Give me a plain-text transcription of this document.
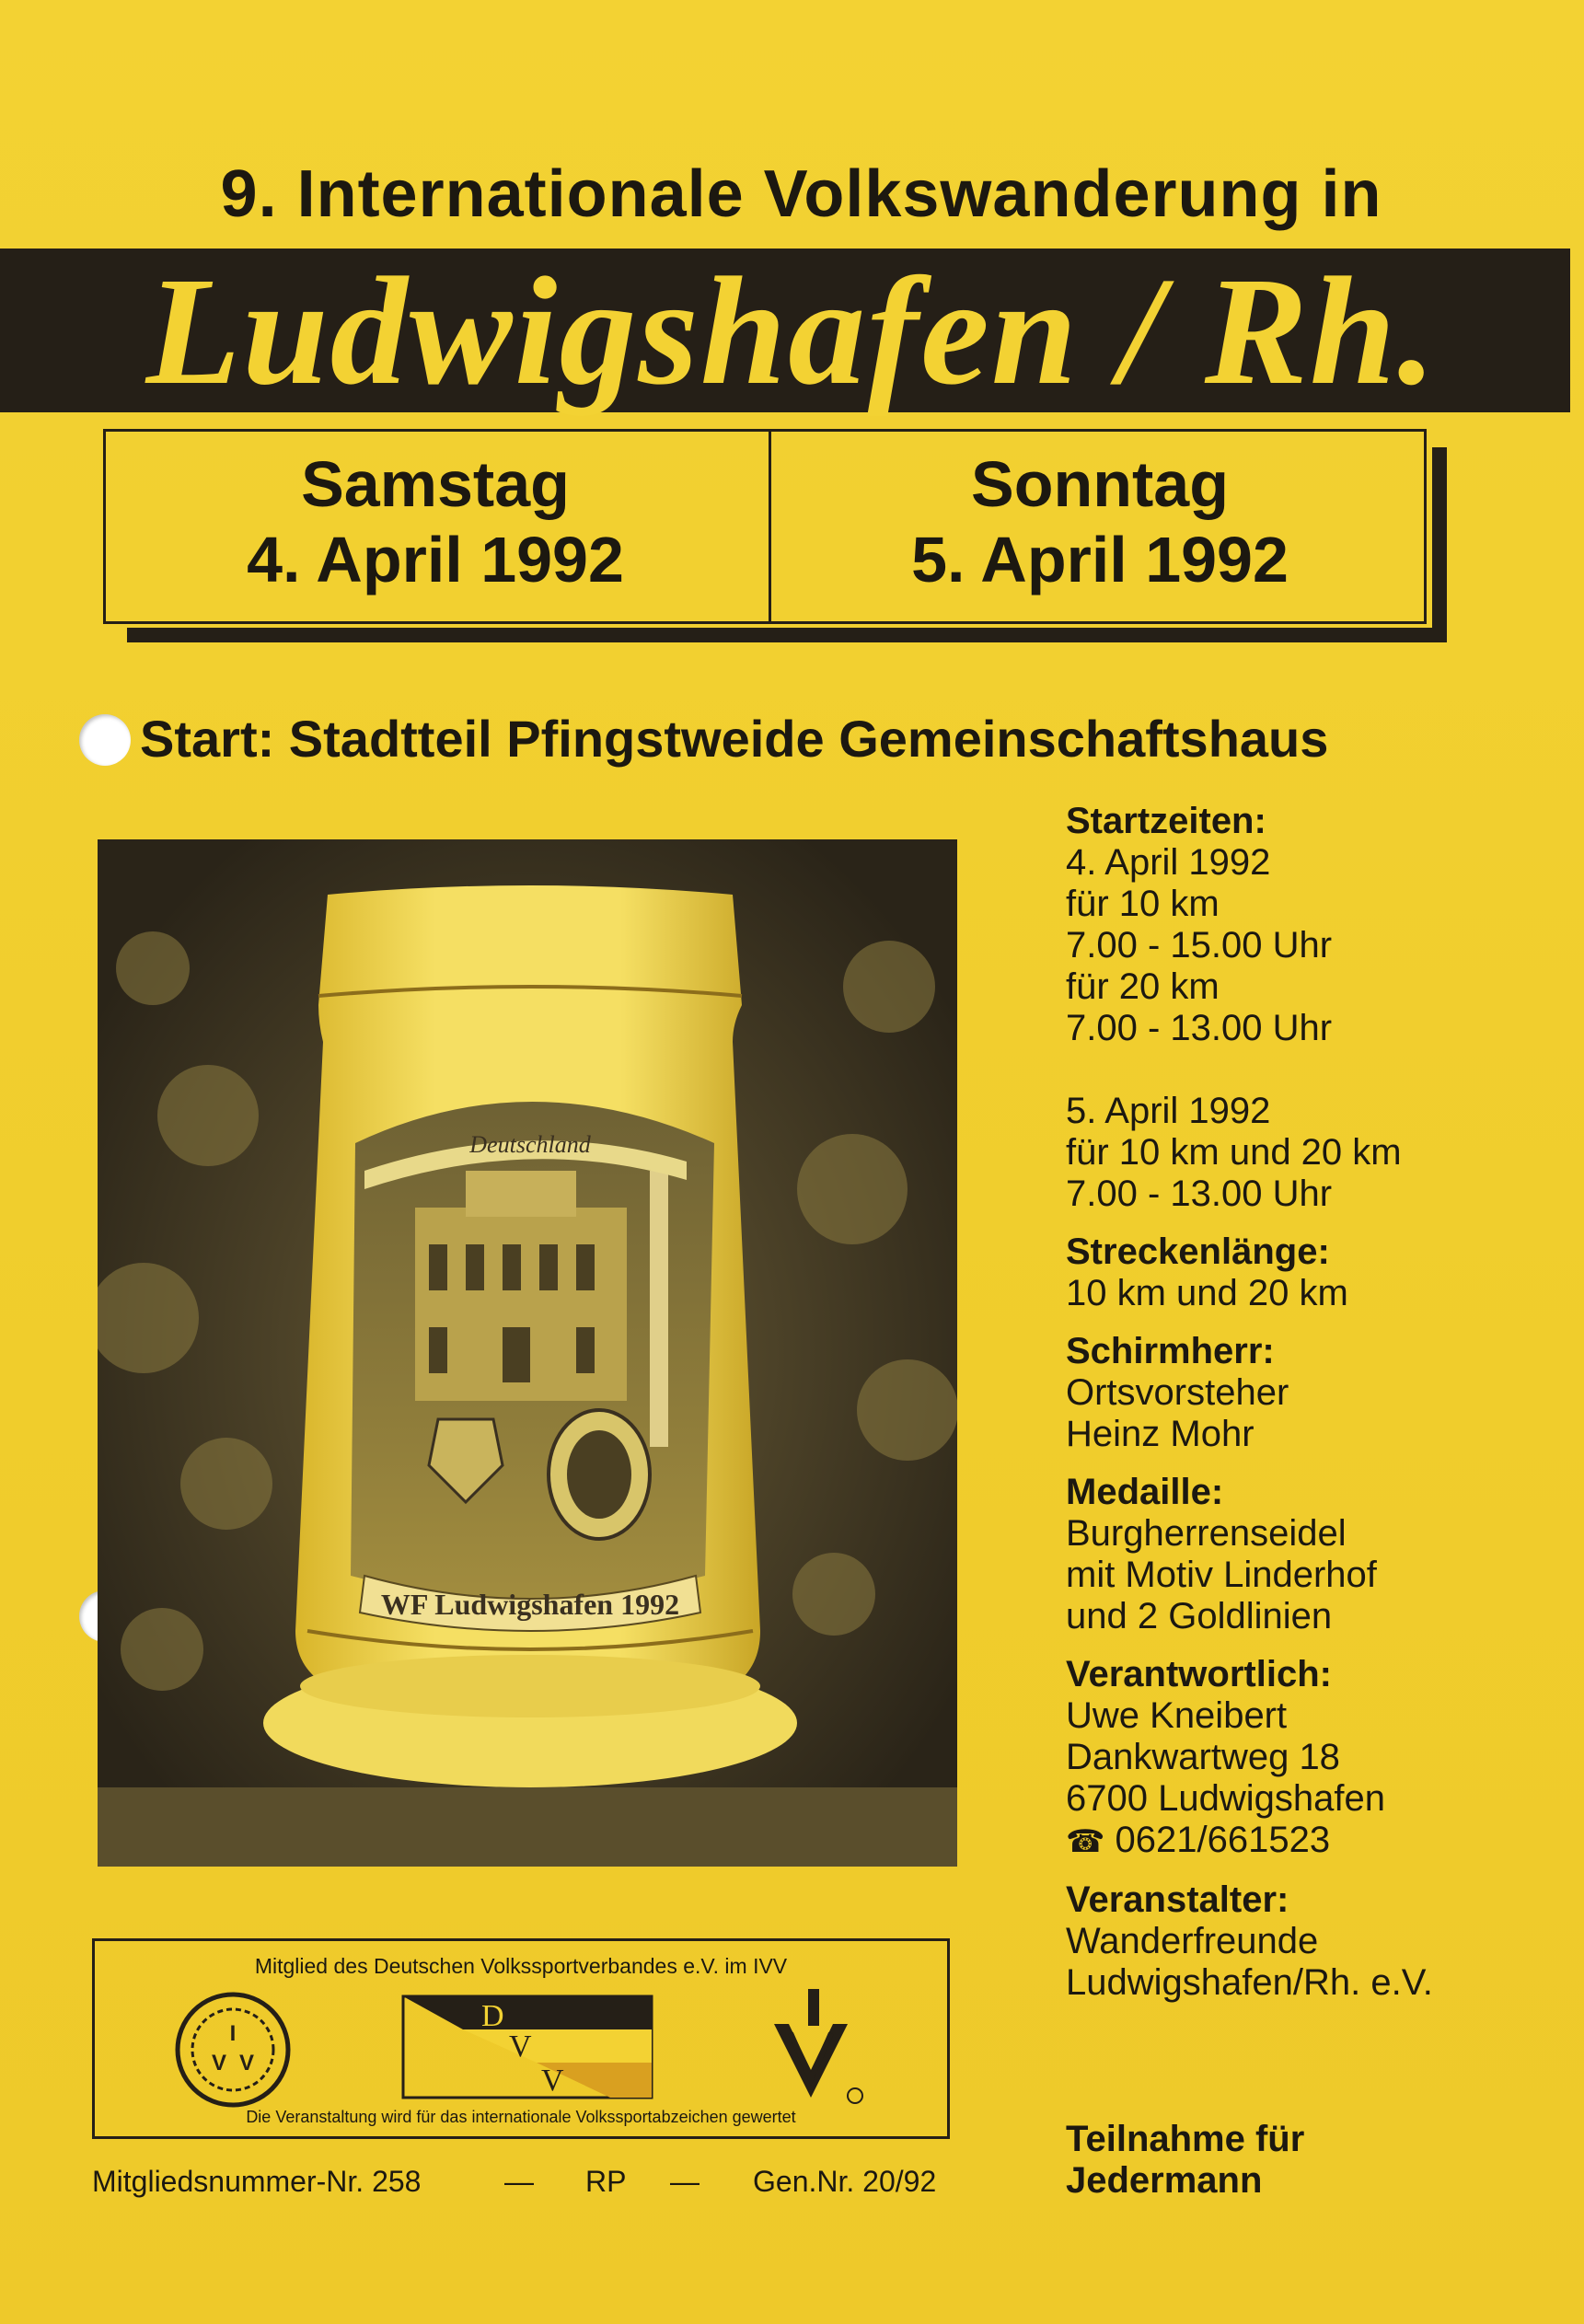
9. Internationale Volkswanderung in
Ludwigshafen / Rh.
Samstag
4. April 1992
Sonntag
5. April 1992
Start: Stadtteil Pfingstweide Gemeinschaftshaus
Deutschland
WF Ludwigshafen 1992
Startzeiten:
4. April 1992
für 10 km
7.00 - 15.00 Uhr
für 20 km
7.00 - 13.00 Uhr
5. April 1992
für 10 km und 20 km
7.00 - 13.00 Uhr
Streckenlänge:
10 km und 20 km
Schirmherr:
Ortsvorsteher
Heinz Mohr
Medaille:
Burgherrenseidel
mit Motiv Linderhof
und 2 Goldlinien
Verantwortlich:
Uwe Kneibert
Dankwartweg 18
6700 Ludwigshafen
☎ 0621/661523
Veranstalter:
Wanderfreunde
Ludwigshafen/Rh. e.V.
Teilnahme für
Jedermann
Mitglied des Deutschen Volkssportverbandes e.V. im IVV
I
V V
D
V
V
Die Veranstaltung wird für das internationale Volkssportabzeichen gewertet
Mitgliedsnummer-Nr. 258	— RP — Gen.Nr. 20/92
